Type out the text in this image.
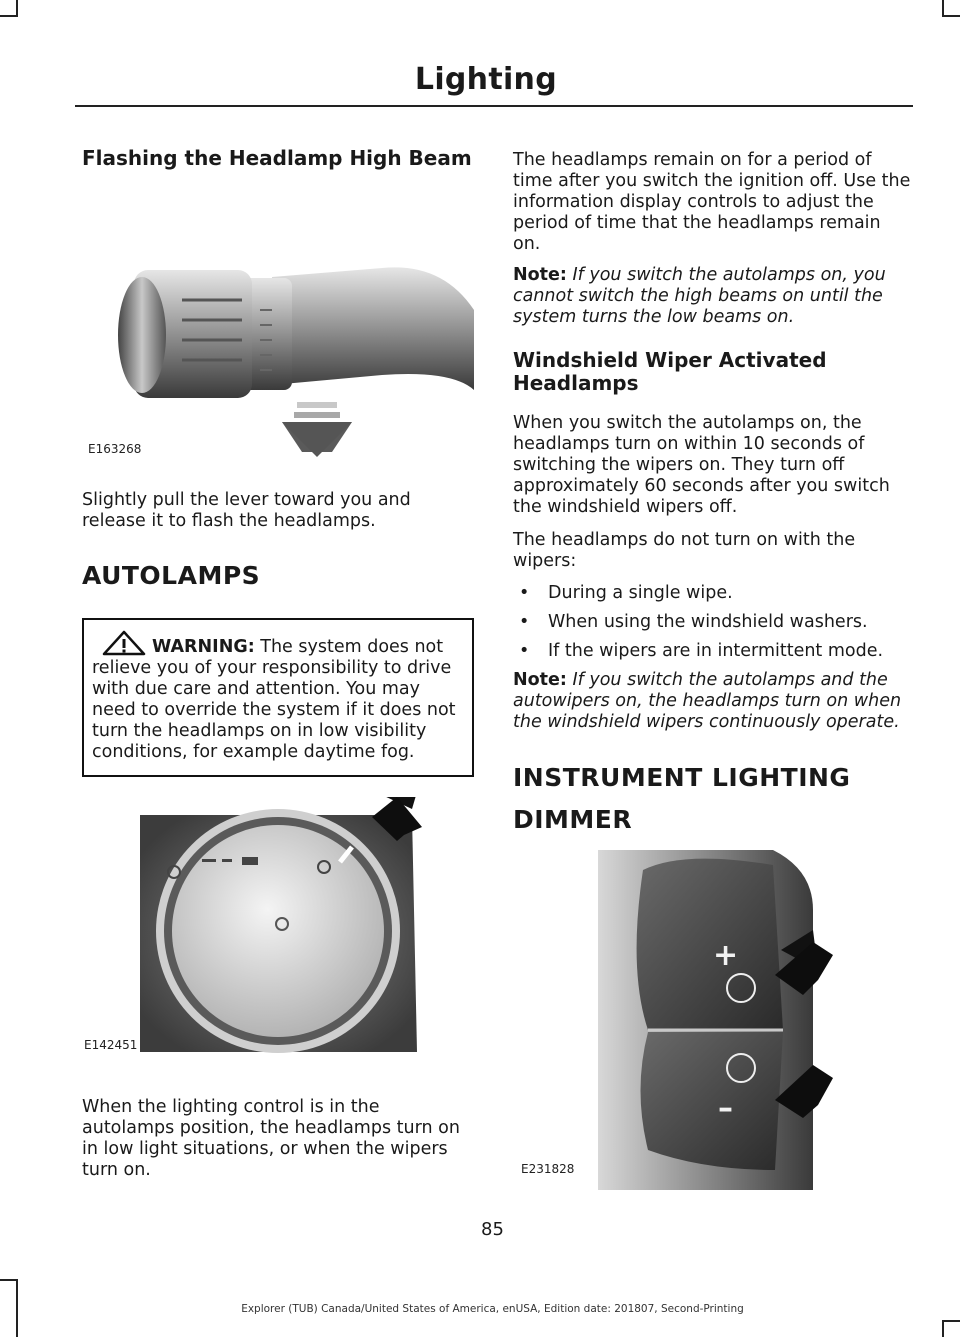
Lighting
Flashing the Headlamp High Beam
E163268

Slightly pull the lever toward you and release it to flash the headlamps.

AUTOLAMPS

WARNING: The system does not relieve you of your responsibility to drive with due care and attention. You may need to override the system if it does not turn the headlamps on in low visibility conditions, for example daytime fog.

E142451

When the lighting control is in the autolamps position, the headlamps turn on in low light situations, or when the wipers turn on.

The headlamps remain on for a period of time after you switch the ignition off. Use the information display controls to adjust the period of time that the headlamps remain on.

Note: If you switch the autolamps on, you cannot switch the high beams on until the system turns the low beams on.

Windshield Wiper Activated Headlamps

When you switch the autolamps on, the headlamps turn on within 10 seconds of switching the wipers on. They turn off approximately 60 seconds after you switch the windshield wipers off.

The headlamps do not turn on with the wipers:

• During a single wipe.
• When using the windshield washers.
• If the wipers are in intermittent mode.

Note: If you switch the autolamps and the autowipers on, the headlamps turn on when the windshield wipers continuously operate.

INSTRUMENT LIGHTING
DIMMER
+
–
E231828
85
Explorer (TUB) Canada/United States of America, enUSA, Edition date: 201807, Second-Printing
